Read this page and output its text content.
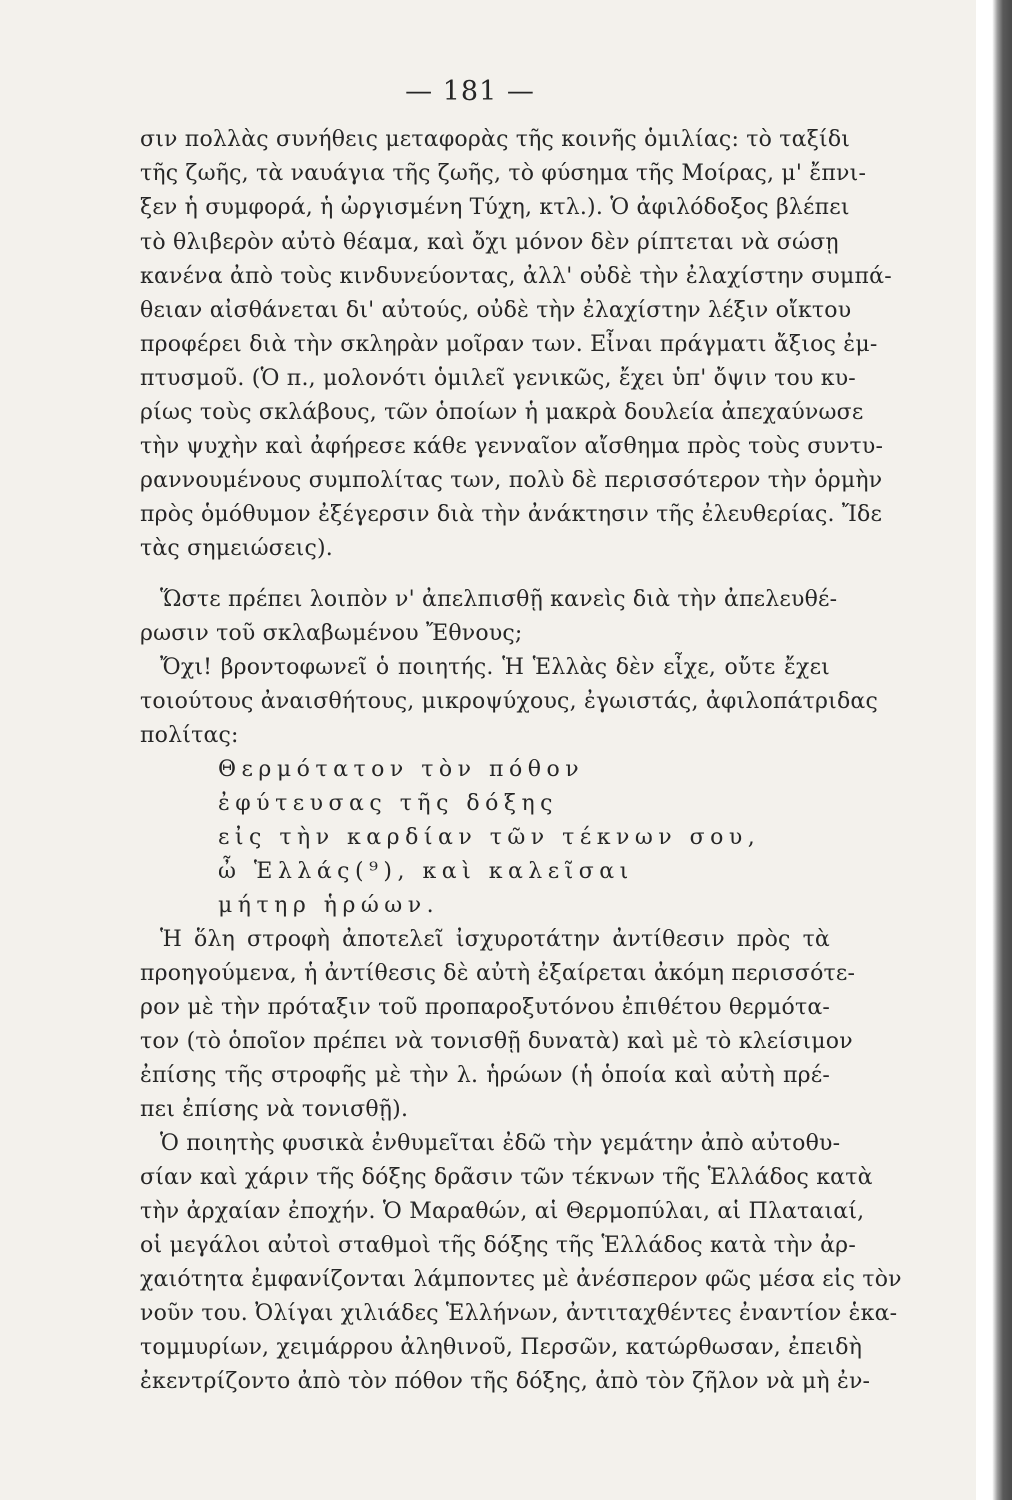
— 181 —
σιν πολλὰς συνήθεις μεταφορὰς τῆς κοινῆς ὁμιλίας: τὸ ταξίδι
τῆς ζωῆς, τὰ ναυάγια τῆς ζωῆς, τὸ φύσημα τῆς Μοίρας, μ' ἔπνι-
ξεν ἡ συμφορά, ἡ ὠργισμένη Τύχη, κτλ.). Ὁ ἀφιλόδοξος βλέπει
τὸ θλιβερὸν αὐτὸ θέαμα, καὶ ὄχι μόνον δὲν ρίπτεται νὰ σώσῃ
κανένα ἀπὸ τοὺς κινδυνεύοντας, ἀλλ' οὐδὲ τὴν ἐλαχίστην συμπά-
θειαν αἰσθάνεται δι' αὐτούς, οὐδὲ τὴν ἐλαχίστην λέξιν οἴκτου
προφέρει διὰ τὴν σκληρὰν μοῖραν των. Εἶναι πράγματι ἄξιος ἐμ-
πτυσμοῦ. (Ὁ π., μολονότι ὁμιλεῖ γενικῶς, ἔχει ὑπ' ὄψιν του κυ-
ρίως τοὺς σκλάβους, τῶν ὁποίων ἡ μακρὰ δουλεία ἀπεχαύνωσε
τὴν ψυχὴν καὶ ἀφήρεσε κάθε γενναῖον αἴσθημα πρὸς τοὺς συντυ-
ραννουμένους συμπολίτας των, πολὺ δὲ περισσότερον τὴν ὁρμὴν
πρὸς ὁμόθυμον ἐξέγερσιν διὰ τὴν ἀνάκτησιν τῆς ἐλευθερίας. Ἴδε
τὰς σημειώσεις).
Ὥστε πρέπει λοιπὸν ν' ἀπελπισθῇ κανεὶς διὰ τὴν ἀπελευθέ-
ρωσιν τοῦ σκλαβωμένου Ἔθνους;
Ὄχι! βροντοφωνεῖ ὁ ποιητής. Ἡ Ἑλλὰς δὲν εἶχε, οὔτε ἔχει
τοιούτους ἀναισθήτους, μικροψύχους, ἐγωιστάς, ἀφιλοπάτριδας
πολίτας:
Θερμότατον τὸν πόθον
ἐφύτευσας τῆς δόξης
εἰς τὴν καρδίαν τῶν τέκνων σου,
ὦ Ἑλλάς(⁹), καὶ καλεῖσαι
μήτηρ ἡρώων.
Ἡ ὅλη στροφὴ ἀποτελεῖ ἰσχυροτάτην ἀντίθεσιν πρὸς τὰ
προηγούμενα, ἡ ἀντίθεσις δὲ αὐτὴ ἐξαίρεται ἀκόμη περισσότε-
ρον μὲ τὴν πρόταξιν τοῦ προπαροξυτόνου ἐπιθέτου θερμότα-
τον (τὸ ὁποῖον πρέπει νὰ τονισθῇ δυνατὰ) καὶ μὲ τὸ κλείσιμον
ἐπίσης τῆς στροφῆς μὲ τὴν λ. ἡρώων (ἡ ὁποία καὶ αὐτὴ πρέ-
πει ἐπίσης νὰ τονισθῇ).
Ὁ ποιητὴς φυσικὰ ἐνθυμεῖται ἐδῶ τὴν γεμάτην ἀπὸ αὐτοθυ-
σίαν καὶ χάριν τῆς δόξης δρᾶσιν τῶν τέκνων τῆς Ἑλλάδος κατὰ
τὴν ἀρχαίαν ἐποχήν. Ὁ Μαραθών, αἱ Θερμοπύλαι, αἱ Πλαταιαί,
οἱ μεγάλοι αὐτοὶ σταθμοὶ τῆς δόξης τῆς Ἑλλάδος κατὰ τὴν ἀρ-
χαιότητα ἐμφανίζονται λάμποντες μὲ ἀνέσπερον φῶς μέσα εἰς τὸν
νοῦν του. Ὀλίγαι χιλιάδες Ἑλλήνων, ἀντιταχθέντες ἐναντίον ἑκα-
τομμυρίων, χειμάρρου ἀληθινοῦ, Περσῶν, κατώρθωσαν, ἐπειδὴ
ἐκεντρίζοντο ἀπὸ τὸν πόθον τῆς δόξης, ἀπὸ τὸν ζῆλον νὰ μὴ ἐν-
